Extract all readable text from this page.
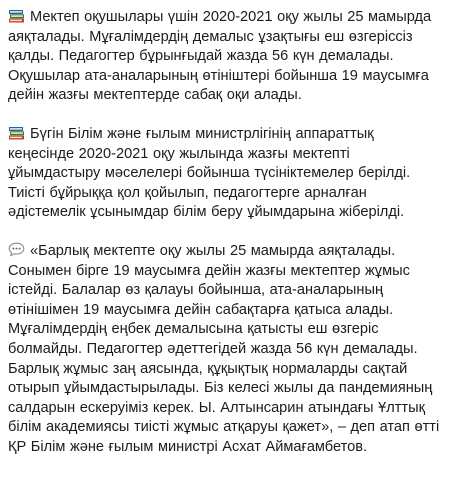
Мектеп оқушылары үшін 2020-2021 оқу жылы 25 мамырда аяқталады. Мұғалімдердің демалыс ұзақтығы еш өзгеріссіз қалды. Педагогтер бұрынғыдай жазда 56 күн демалады. Оқушылар ата-аналарының өтініштері бойынша 19 маусымға дейін жазғы мектептерде сабақ оқи алады.

Бүгін Білім және ғылым министрлігінің аппараттық кеңесінде 2020-2021 оқу жылында жазғы мектепті ұйымдастыру мәселелері бойынша түсініктемелер берілді. Тиісті бұйрыққа қол қойылып, педагогтерге арналған әдістемелік ұсынымдар білім беру ұйымдарына жіберілді.

«Барлық мектепте оқу жылы 25 мамырда аяқталады. Сонымен бірге 19 маусымға дейін жазғы мектептер жұмыс істейді. Балалар өз қалауы бойынша, ата-аналарының өтінішімен 19 маусымға дейін сабақтарға қатыса алады. Мұғалімдердің еңбек демалысына қатысты еш өзгеріс болмайды. Педагогтер әдеттегідей жазда 56 күн демалады. Барлық жұмыс заң аясында, құқықтық нормаларды сақтай отырып ұйымдастырылады. Біз келесі жылы да пандемияның салдарын ескеруіміз керек. Ы. Алтынсарин атындағы Ұлттық білім академиясы тиісті жұмыс атқаруы қажет», – деп атап өтті ҚР Білім және ғылым министрі Асхат Аймағамбетов.
